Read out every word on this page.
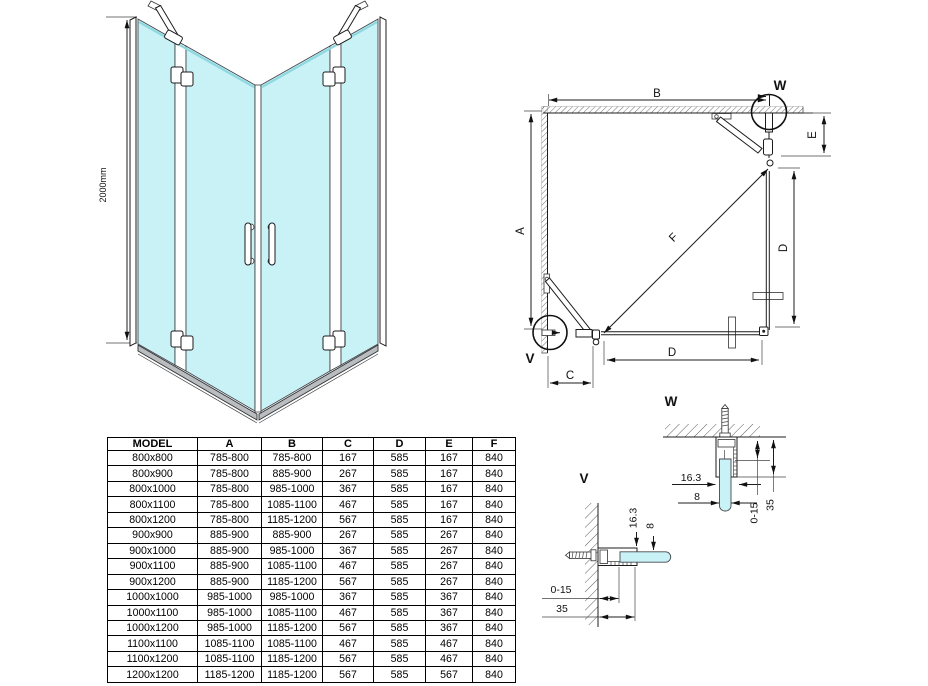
2000mm
B
A
E
F
D
W
V	D
C
W
16.3
8
0-15 35
V
16.3 8
0-15
35
MODEL	A	B	C	D	E	F
800x800	785-800	785-800	167	585	167	840
800x900	785-800	885-900	267	585	167	840
800x1000	785-800	985-1000	367	585	167	840
800x1100	785-800	1085-1100	467	585	167	840
800x1200	785-800	1185-1200	567	585	167	840
900x900	885-900	885-900	267	585	267	840
900x1000	885-900	985-1000	367	585	267	840
900x1100	885-900	1085-1100	467	585	267	840
900x1200	885-900	1185-1200	567	585	267	840
1000x1000	985-1000	985-1000	367	585	367	840
1000x1100	985-1000	1085-1100	467	585	367	840
1000x1200	985-1000	1185-1200	567	585	367	840
1100x1100	1085-1100	1085-1100	467	585	467	840
1100x1200	1085-1100	1185-1200	567	585	467	840
1200x1200	1185-1200	1185-1200	567	585	567	840
